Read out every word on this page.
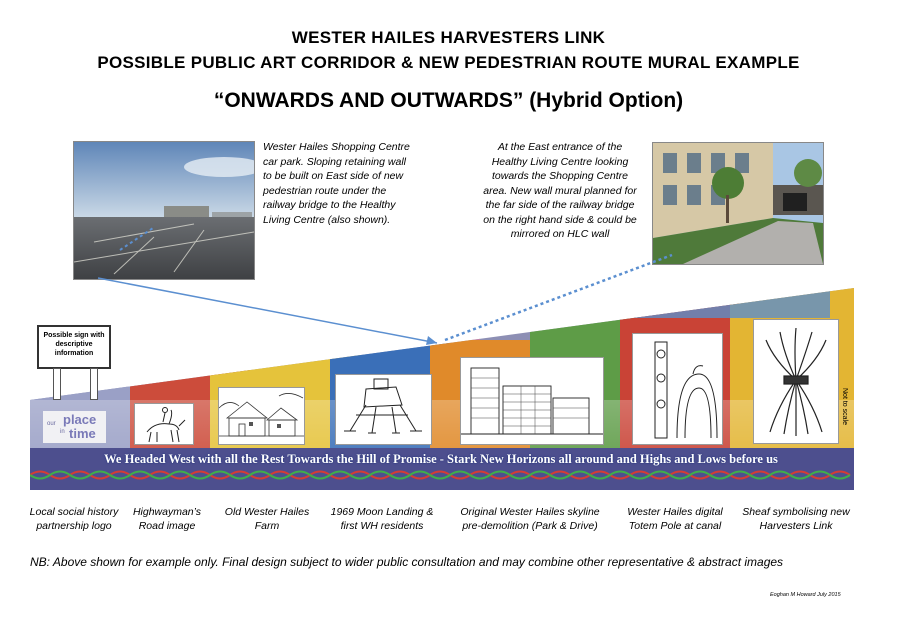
WESTER HAILES HARVESTERS LINK
POSSIBLE PUBLIC ART CORRIDOR & NEW PEDESTRIAN ROUTE MURAL EXAMPLE
“ONWARDS AND OUTWARDS” (Hybrid Option)
Wester Hailes Shopping Centre car park. Sloping retaining wall to be built on East side of new pedestrian route under the railway bridge to the Healthy Living Centre (also shown).
At the East entrance of the Healthy Living Centre looking towards the Shopping Centre area. New wall mural planned for the far side of the railway bridge on the right hand side & could be mirrored on HLC wall
Possible sign with descriptive information
our place
in time
We Headed West with all the Rest Towards the Hill of Promise - Stark New Horizons all around and Highs and Lows before us
Not to scale
Local social history partnership logo
Highwayman’s Road image
Old Wester Hailes Farm
1969 Moon Landing & first WH residents
Original Wester Hailes skyline pre-demolition (Park & Drive)
Wester Hailes digital Totem Pole at canal
Sheaf symbolising new Harvesters Link
NB: Above shown for example only. Final design subject to wider public consultation and may combine other representative & abstract images
Eoghan M Howard July 2015
